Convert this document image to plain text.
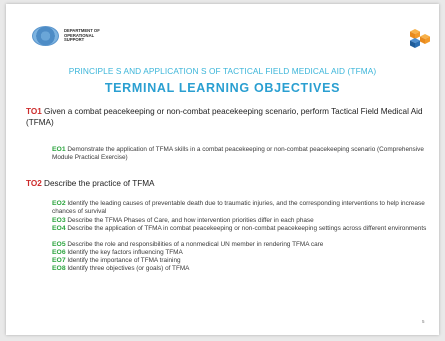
DEPARTMENT OF
OPERATIONAL
SUPPORT
PRINCIPLE S AND APPLICATION S OF TACTICAL FIELD MEDICAL AID (TFMA)
TERMINAL LEARNING OBJECTIVES
TO1 Given a combat peacekeeping or non-combat peacekeeping scenario, perform Tactical Field Medical Aid (TFMA)
EO1 Demonstrate the application of TFMA skills in a combat peacekeeping or non-combat peacekeeping scenario (Comprehensive Module Practical Exercise)
TO2 Describe the practice of TFMA
EO2 Identify the leading causes of preventable death due to traumatic injuries, and the corresponding interventions to help increase chances of survival
EO3 Describe the TFMA Phases of Care, and how intervention priorities differ in each phase
EO4 Describe the application of TFMA in combat peacekeeping or non-combat peacekeeping settings across different environments
EO5 Describe the role and responsibilities of a nonmedical UN member in rendering TFMA care
EO6 Identify the key factors influencing TFMA
EO7 Identify the importance of TFMA training
EO8 Identify three objectives (or goals) of TFMA
5
